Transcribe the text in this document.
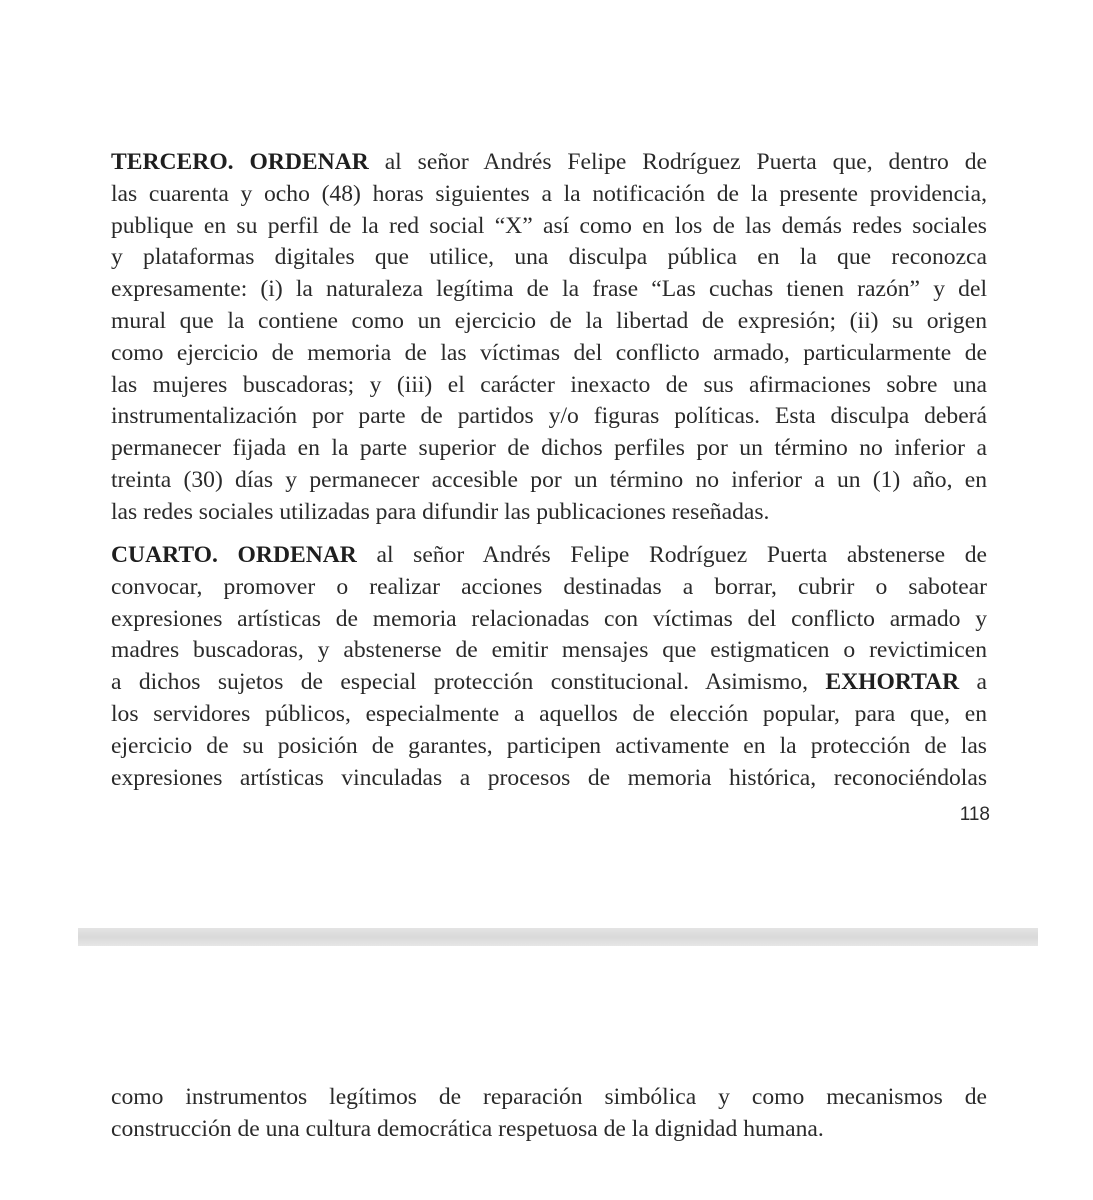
TERCERO. ORDENAR al señor Andrés Felipe Rodríguez Puerta que, dentro de
las cuarenta y ocho (48) horas siguientes a la notificación de la presente providencia,
publique en su perfil de la red social “X” así como en los de las demás redes sociales
y plataformas digitales que utilice, una disculpa pública en la que reconozca
expresamente: (i) la naturaleza legítima de la frase “Las cuchas tienen razón” y del
mural que la contiene como un ejercicio de la libertad de expresión; (ii) su origen
como ejercicio de memoria de las víctimas del conflicto armado, particularmente de
las mujeres buscadoras; y (iii) el carácter inexacto de sus afirmaciones sobre una
instrumentalización por parte de partidos y/o figuras políticas. Esta disculpa deberá
permanecer fijada en la parte superior de dichos perfiles por un término no inferior a
treinta (30) días y permanecer accesible por un término no inferior a un (1) año, en
las redes sociales utilizadas para difundir las publicaciones reseñadas.

CUARTO. ORDENAR al señor Andrés Felipe Rodríguez Puerta abstenerse de
convocar, promover o realizar acciones destinadas a borrar, cubrir o sabotear
expresiones artísticas de memoria relacionadas con víctimas del conflicto armado y
madres buscadoras, y abstenerse de emitir mensajes que estigmaticen o revictimicen
a dichos sujetos de especial protección constitucional. Asimismo, EXHORTAR a
los servidores públicos, especialmente a aquellos de elección popular, para que, en
ejercicio de su posición de garantes, participen activamente en la protección de las
expresiones artísticas vinculadas a procesos de memoria histórica, reconociéndolas

118

como instrumentos legítimos de reparación simbólica y como mecanismos de
construcción de una cultura democrática respetuosa de la dignidad humana.
